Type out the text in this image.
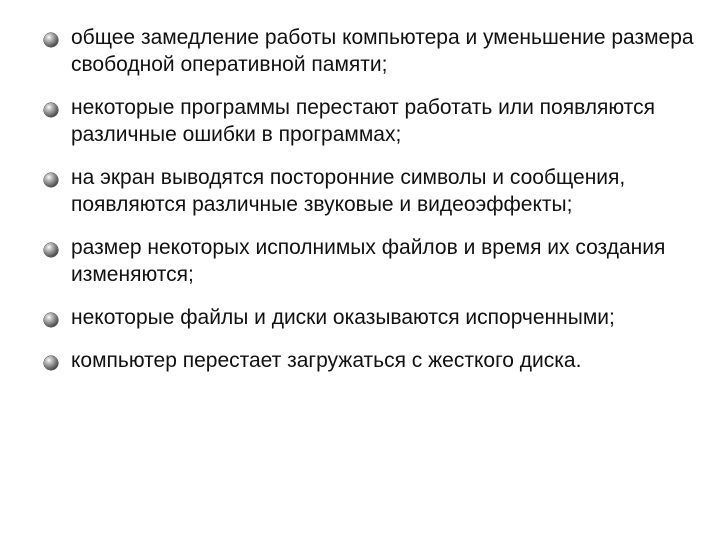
общее замедление работы компьютера и уменьшение размера свободной оперативной памяти;
некоторые программы перестают работать или появляются различные ошибки в программах;
на экран выводятся посторонние символы и сообщения, появляются различные звуковые и видеоэффекты;
размер некоторых исполнимых файлов и время их создания изменяются;
некоторые файлы и диски оказываются испорченными;
компьютер перестает загружаться с жесткого диска.
